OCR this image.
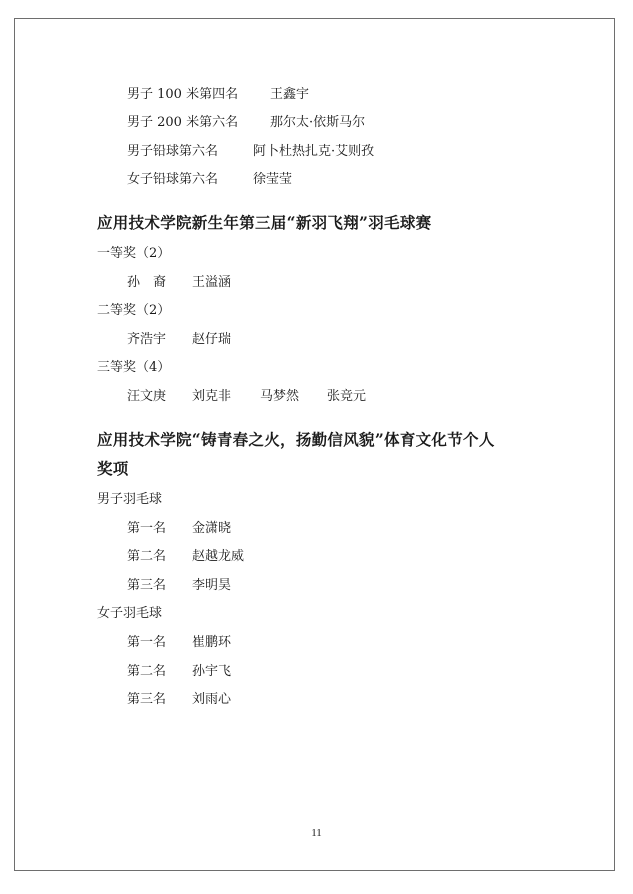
男子 100 米第四名 王鑫宇
男子 200 米第六名 那尔太·依斯马尔
男子铅球第六名	阿卜杜热扎克·艾则孜
女子铅球第六名	徐莹莹
应用技术学院新生年第三届“新羽飞翔”羽毛球赛
一等奖（2）
孙　裔 王溢涵
二等奖（2）
齐浩宇 赵仔瑞
三等奖（4）
汪文庚 刘克非 马梦然 张竞元
应用技术学院“铸青春之火，扬勤信风貌”体育文化节个人
奖项
男子羽毛球
第一名 金潇晓
第二名 赵越龙威
第三名 李明昊
女子羽毛球
第一名 崔鹏环
第二名 孙宇飞
第三名 刘雨心
11
